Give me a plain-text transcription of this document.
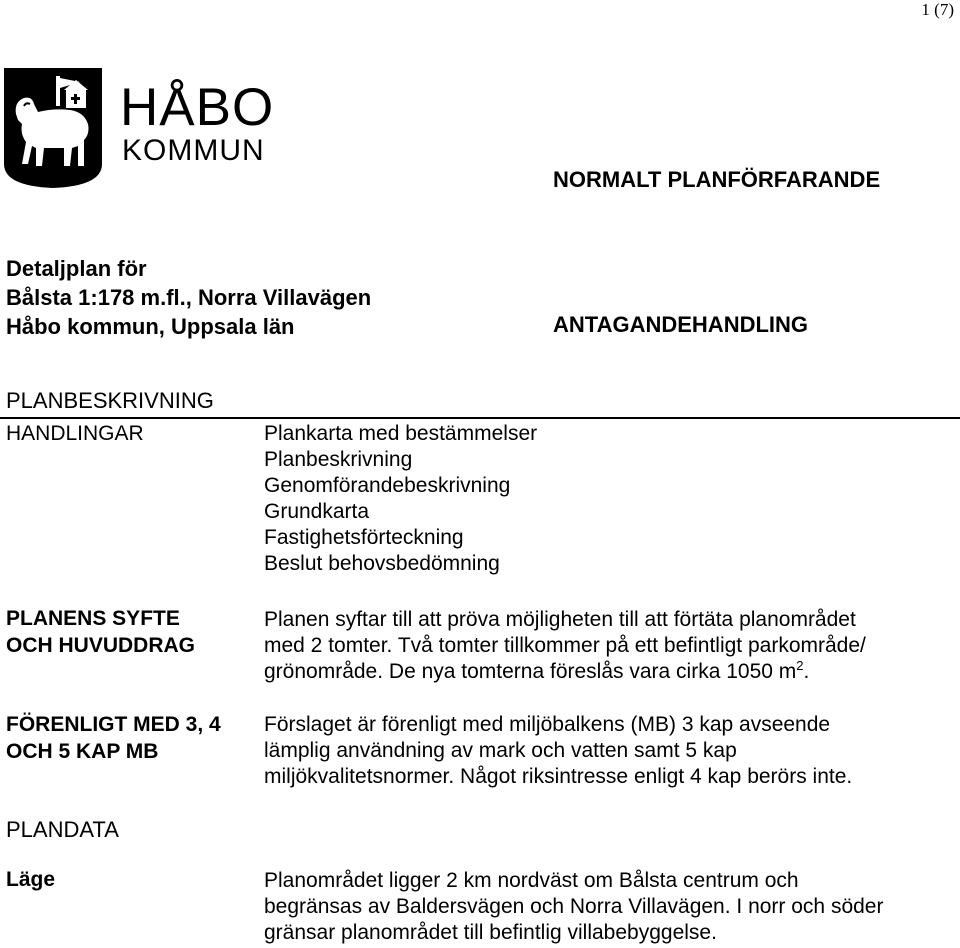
1 (7)
HÅBO
KOMMUN
NORMALT PLANFÖRFARANDE
ANTAGANDEHANDLING
Detaljplan för
Bålsta 1:178 m.fl., Norra Villavägen
Håbo kommun, Uppsala län
PLANBESKRIVNING
HANDLINGAR	Plankarta med bestämmelser
Planbeskrivning
Genomförandebeskrivning
Grundkarta
Fastighetsförteckning
Beslut behovsbedömning
PLANENS SYFTE
OCH HUVUDDRAG
Planen syftar till att pröva möjligheten till att förtäta planområdet
med 2 tomter. Två tomter tillkommer på ett befintligt parkområde/
grönområde. De nya tomterna föreslås vara cirka 1050 $m^2$.
FÖRENLIGT MED 3, 4
OCH 5 KAP MB
Förslaget är förenligt med miljöbalkens (MB) 3 kap avseende
lämplig användning av mark och vatten samt 5 kap
miljökvalitetsnormer. Något riksintresse enligt 4 kap berörs inte.
PLANDATA
Läge	Planområdet ligger 2 km nordväst om Bålsta centrum och
begränsas av Baldersvägen och Norra Villavägen. I norr och söder
gränsar planområdet till befintlig villabebyggelse.
